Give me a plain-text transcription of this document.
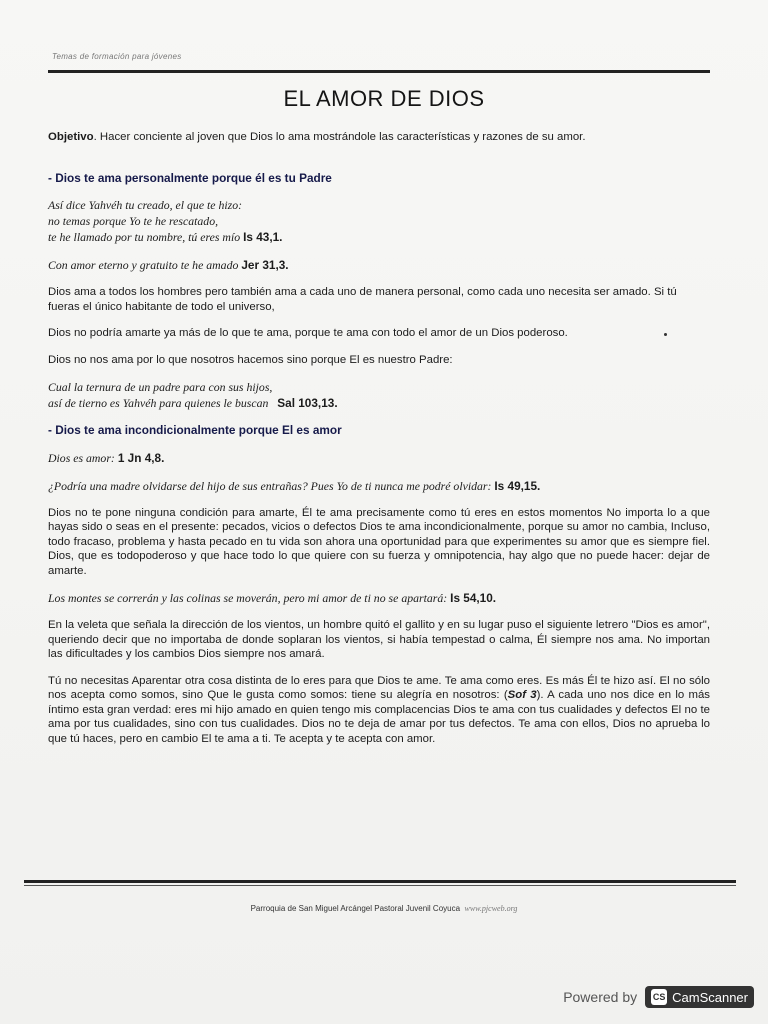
Temas de formación para jóvenes
EL AMOR DE DIOS

Objetivo. Hacer conciente al joven que Dios lo ama mostrándole las características y razones de su amor.

- Dios te ama personalmente porque él es tu Padre

Así dice Yahvéh tu creado, el que te hizo:
no temas porque Yo te he rescatado,
te he llamado por tu nombre, tú eres mío Is 43,1.

Con amor eterno y gratuito te he amado Jer 31,3.

Dios ama a todos los hombres pero también ama a cada uno de manera personal, como cada uno necesita ser amado. Si tú fueras el único habitante de todo el universo,

Dios no podría amarte ya más de lo que te ama, porque te ama con todo el amor de un Dios poderoso.

Dios no nos ama por lo que nosotros hacemos sino porque El es nuestro Padre:

Cual la ternura de un padre para con sus hijos,
así de tierno es Yahvéh para quienes le buscan Sal 103,13.

- Dios te ama incondicionalmente porque El es amor

Dios es amor: 1 Jn 4,8.

¿Podría una madre olvidarse del hijo de sus entrañas? Pues Yo de ti nunca me podré olvidar: Is 49,15.

Dios no te pone ninguna condición para amarte, Él te ama precisamente como tú eres en estos momentos No importa lo a que hayas sido o seas en el presente: pecados, vicios o defectos Dios te ama incondicionalmente, porque su amor no cambia, Incluso, todo fracaso, problema y hasta pecado en tu vida son ahora una oportunidad para que experimentes su amor que es siempre fiel. Dios, que es todopoderoso y que hace todo lo que quiere con su fuerza y omnipotencia, hay algo que no puede hacer: dejar de amarte.

Los montes se correrán y las colinas se moverán, pero mi amor de ti no se apartará: Is 54,10.

En la veleta que señala la dirección de los vientos, un hombre quitó el gallito y en su lugar puso el siguiente letrero "Dios es amor", queriendo decir que no importaba de donde soplaran los vientos, si había tempestad o calma, Él siempre nos ama. No importan las dificultades y los cambios Dios siempre nos amará.

Tú no necesitas Aparentar otra cosa distinta de lo eres para que Dios te ame. Te ama como eres. Es más Él te hizo así. El no sólo nos acepta como somos, sino Que le gusta como somos: tiene su alegría en nosotros: (Sof 3). A cada uno nos dice en lo más íntimo esta gran verdad: eres mi hijo amado en quien tengo mis complacencias Dios te ama con tus cualidades y defectos El no te ama por tus cualidades, sino con tus cualidades. Dios no te deja de amar por tus defectos. Te ama con ellos, Dios no aprueba lo que tú haces, pero en cambio El te ama a ti. Te acepta y te acepta con amor.

Parroquia de San Miguel Arcángel Pastoral Juvenil Coyuca www.pjcweb.org
Powered by CS CamScanner
